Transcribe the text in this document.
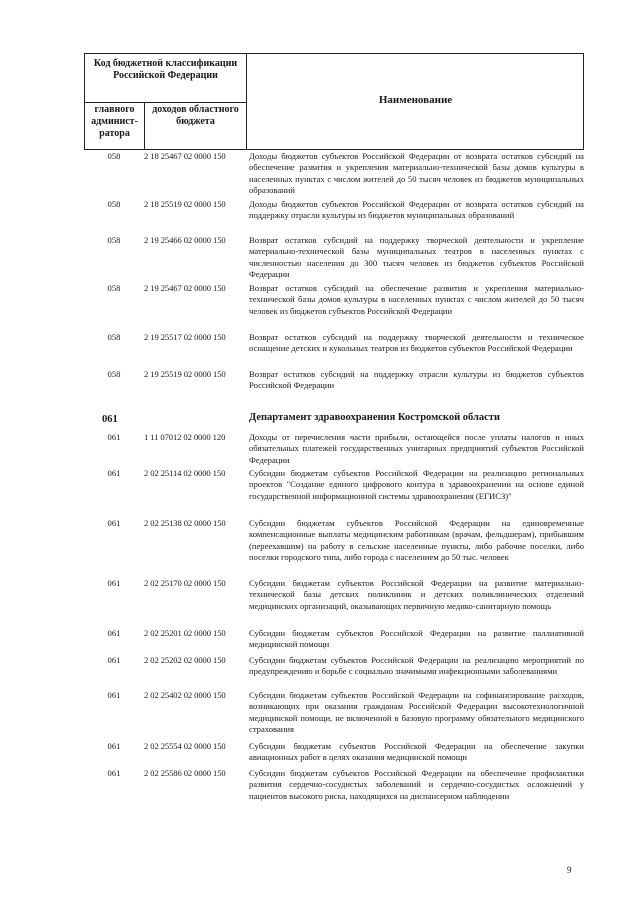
Код бюджетной классификации Российской Федерации
главного админист-ратора
доходов областного бюджета
Наименование
058	2 18 25467 02 0000 150	Доходы бюджетов субъектов Российской Федерации от возврата остатков субсидий на обеспечение развития и укрепления материально-технической базы домов культуры в населенных пунктах с числом жителей до 50 тысяч человек из бюджетов муниципальных образований
058	2 18 25519 02 0000 150	Доходы бюджетов субъектов Российской Федерации от возврата остатков субсидий на поддержку отрасли культуры из бюджетов муниципальных образований
058	2 19 25466 02 0000 150	Возврат остатков субсидий на поддержку творческой деятельности и укрепление материально-технической базы муниципальных театров в населенных пунктах с численностью населения до 300 тысяч человек из бюджетов субъектов Российской Федерации
058	2 19 25467 02 0000 150	Возврат остатков субсидий на обеспечение развития и укрепления материально-технической базы домов культуры в населенных пунктах с числом жителей до 50 тысяч человек из бюджетов субъектов Российской Федерации
058	2 19 25517 02 0000 150	Возврат остатков субсидий на поддержку творческой деятельности и техническое оснащение детских и кукольных театров из бюджетов субъектов Российской Федерации
058	2 19 25519 02 0000 150	Возврат остатков субсидий на поддержку отрасли культуры из бюджетов субъектов Российской Федерации
061	Департамент здравоохранения Костромской области
061	1 11 07012 02 0000 120	Доходы от перечисления части прибыли, остающейся после уплаты налогов и иных обязательных платежей государственных унитарных предприятий субъектов Российской Федерации
061	2 02 25114 02 0000 150	Субсидии бюджетам субъектов Российской Федерации на реализацию региональных проектов "Создание единого цифрового контура в здравоохранении на основе единой государственной информационной системы здравоохранения (ЕГИСЗ)"
061	2 02 25138 02 0000 150	Субсидии бюджетам субъектов Российской Федерации на единовременные компенсационные выплаты медицинским работникам (врачам, фельдшерам), прибывшим (переехавшим) на работу в сельские населенные пункты, либо рабочие поселки, либо поселки городского типа, либо города с населением до 50 тыс. человек
061	2 02 25170 02 0000 150	Субсидии бюджетам субъектов Российской Федерации на развитие материально-технической базы детских поликлиник и детских поликлинических отделений медицинских организаций, оказывающих первичную медико-санитарную помощь
061	2 02 25201 02 0000 150	Субсидии бюджетам субъектов Российской Федерации на развитие паллиативной медицинской помощи
061	2 02 25202 02 0000 150	Субсидии бюджетам субъектов Российской Федерации на реализацию мероприятий по предупреждению и борьбе с социально значимыми инфекционными заболеваниями
061	2 02 25402 02 0000 150	Субсидии бюджетам субъектов Российской Федерации на софинансирование расходов, возникающих при оказании гражданам Российской Федерации высокотехнологичной медицинской помощи, не включенной в базовую программу обязательного медицинского страхования
061	2 02 25554 02 0000 150	Субсидии бюджетам субъектов Российской Федерации на обеспечение закупки авиационных работ в целях оказания медицинской помощи
061	2 02 25586 02 0000 150	Субсидии бюджетам субъектов Российской Федерации на обеспечение профилактики развития сердечно-сосудистых заболеваний и сердечно-сосудистых осложнений у пациентов высокого риска, находящихся на диспансерном наблюдении
9
